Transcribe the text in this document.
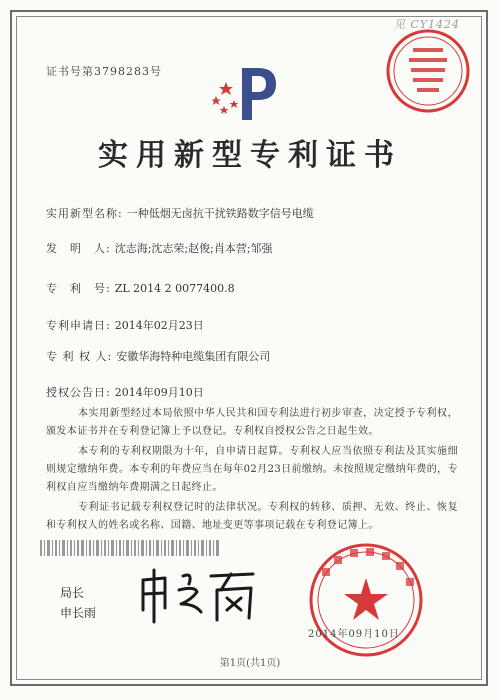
见 CY1424
证书号第3798283号
实用新型专利证书
实用新型名称: 一种低烟无卤抗干扰铁路数字信号电缆
发　明　人: 沈志海;沈志荣;赵俊;肖本营;邹强
专　利　号: ZL 2014 2 0077400.8
专利申请日: 2014年02月23日
专 利 权 人: 安徽华海特种电缆集团有限公司
授权公告日: 2014年09月10日
本实用新型经过本局依照中华人民共和国专利法进行初步审查，决定授予专利权，颁发本证书并在专利登记簿上予以登记。专利权自授权公告之日起生效。
本专利的专利权期限为十年，自申请日起算。专利权人应当依照专利法及其实施细则规定缴纳年费。本专利的年费应当在每年02月23日前缴纳。未按照规定缴纳年费的，专利权自应当缴纳年费期满之日起终止。
专利证书记载专利权登记时的法律状况。专利权的转移、质押、无效、终止、恢复和专利权人的姓名或名称、国籍、地址变更等事项记载在专利登记簿上。
局长
申长雨
2014年09月10日
第1页(共1页)
